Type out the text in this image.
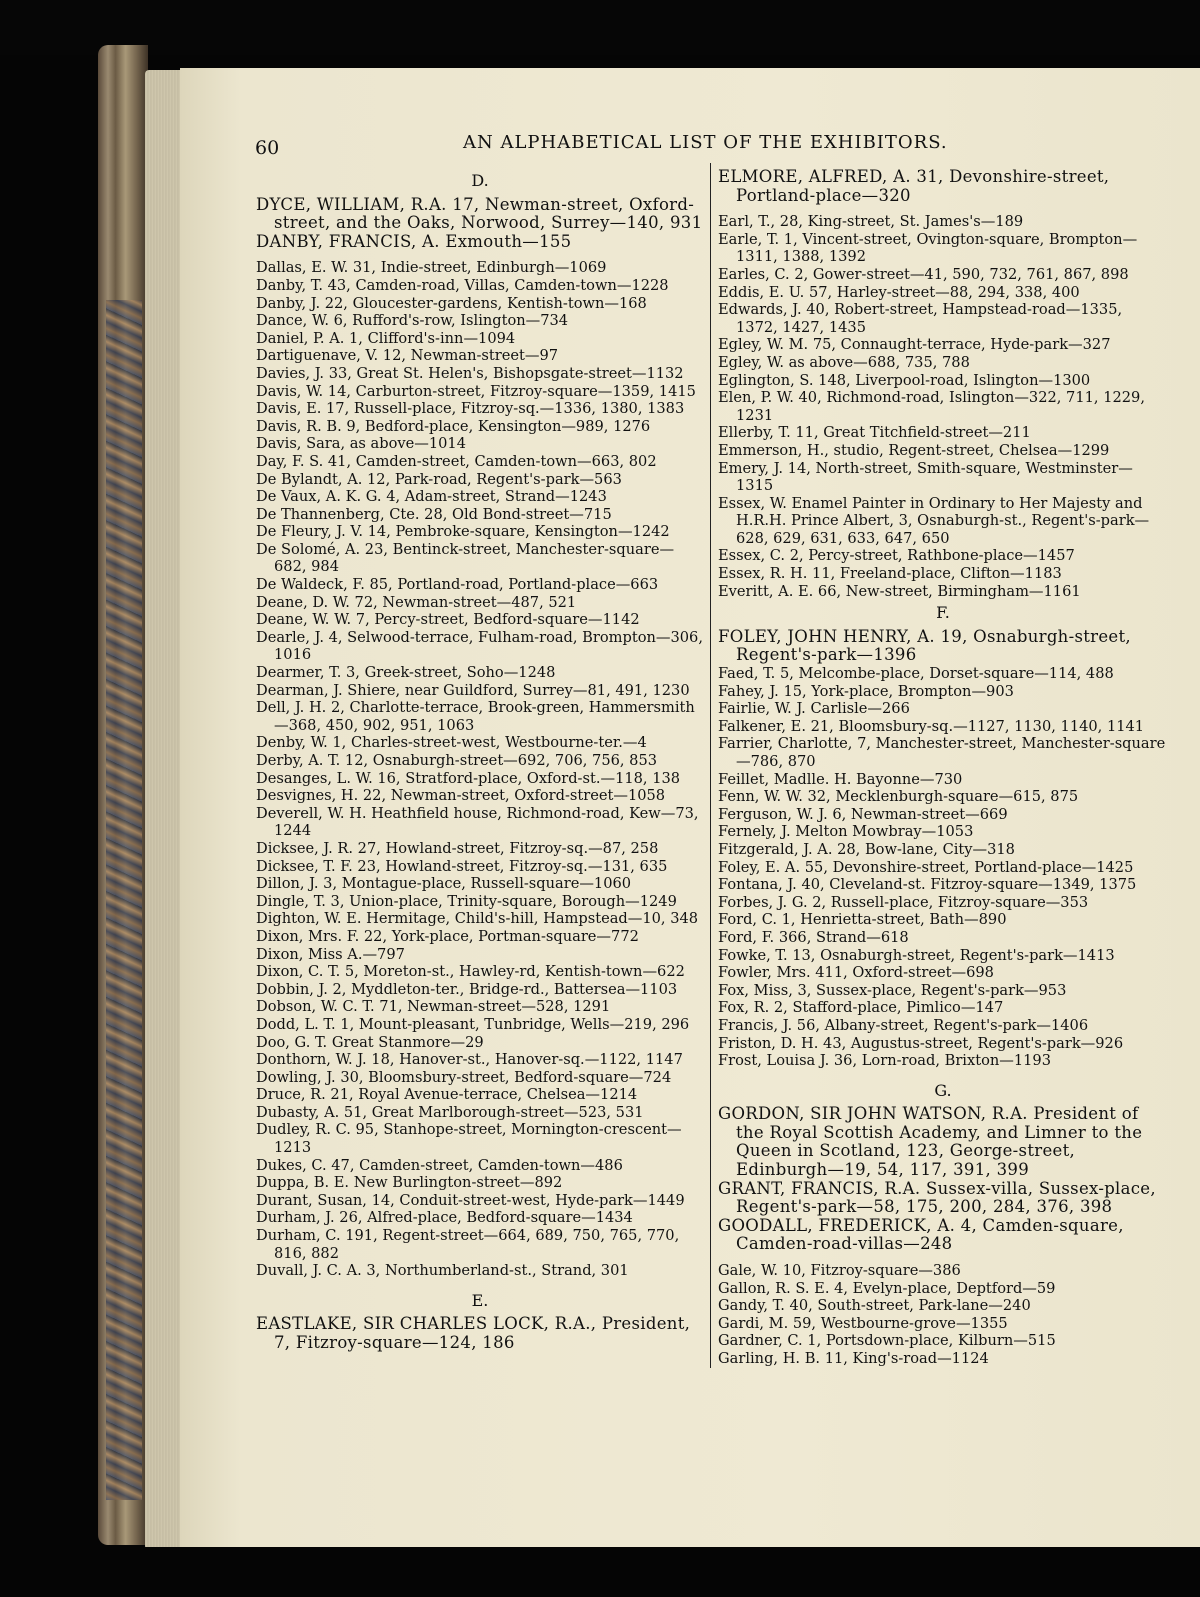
60	AN ALPHABETICAL LIST OF THE EXHIBITORS.
D.

DYCE, WILLIAM, R.A. 17, Newman-street, Oxford-street, and the Oaks, Norwood, Surrey—140, 931

DANBY, FRANCIS, A. Exmouth—155

Dallas, E. W. 31, Indie-street, Edinburgh—1069

Danby, T. 43, Camden-road, Villas, Camden-town—1228

Danby, J. 22, Gloucester-gardens, Kentish-town—168

Dance, W. 6, Rufford's-row, Islington—734

Daniel, P. A. 1, Clifford's-inn—1094

Dartiguenave, V. 12, Newman-street—97

Davies, J. 33, Great St. Helen's, Bishopsgate-street—1132

Davis, W. 14, Carburton-street, Fitzroy-square—1359, 1415

Davis, E. 17, Russell-place, Fitzroy-sq.—1336, 1380, 1383

Davis, R. B. 9, Bedford-place, Kensington—989, 1276

Davis, Sara, as above—1014

Day, F. S. 41, Camden-street, Camden-town—663, 802

De Bylandt, A. 12, Park-road, Regent's-park—563

De Vaux, A. K. G. 4, Adam-street, Strand—1243

De Thannenberg, Cte. 28, Old Bond-street—715

De Fleury, J. V. 14, Pembroke-square, Kensington—1242

De Solomé, A. 23, Bentinck-street, Manchester-square—682, 984

De Waldeck, F. 85, Portland-road, Portland-place—663

Deane, D. W. 72, Newman-street—487, 521

Deane, W. W. 7, Percy-street, Bedford-square—1142

Dearle, J. 4, Selwood-terrace, Fulham-road, Brompton—306, 1016

Dearmer, T. 3, Greek-street, Soho—1248

Dearman, J. Shiere, near Guildford, Surrey—81, 491, 1230

Dell, J. H. 2, Charlotte-terrace, Brook-green, Hammersmith—368, 450, 902, 951, 1063

Denby, W. 1, Charles-street-west, Westbourne-ter.—4

Derby, A. T. 12, Osnaburgh-street—692, 706, 756, 853

Desanges, L. W. 16, Stratford-place, Oxford-st.—118, 138

Desvignes, H. 22, Newman-street, Oxford-street—1058

Deverell, W. H. Heathfield house, Richmond-road, Kew—73, 1244

Dicksee, J. R. 27, Howland-street, Fitzroy-sq.—87, 258

Dicksee, T. F. 23, Howland-street, Fitzroy-sq.—131, 635

Dillon, J. 3, Montague-place, Russell-square—1060

Dingle, T. 3, Union-place, Trinity-square, Borough—1249

Dighton, W. E. Hermitage, Child's-hill, Hampstead—10, 348

Dixon, Mrs. F. 22, York-place, Portman-square—772

Dixon, Miss A.—797

Dixon, C. T. 5, Moreton-st., Hawley-rd, Kentish-town—622

Dobbin, J. 2, Myddleton-ter., Bridge-rd., Battersea—1103

Dobson, W. C. T. 71, Newman-street—528, 1291

Dodd, L. T. 1, Mount-pleasant, Tunbridge, Wells—219, 296

Doo, G. T. Great Stanmore—29

Donthorn, W. J. 18, Hanover-st., Hanover-sq.—1122, 1147

Dowling, J. 30, Bloomsbury-street, Bedford-square—724

Druce, R. 21, Royal Avenue-terrace, Chelsea—1214

Dubasty, A. 51, Great Marlborough-street—523, 531

Dudley, R. C. 95, Stanhope-street, Mornington-crescent—1213

Dukes, C. 47, Camden-street, Camden-town—486

Duppa, B. E. New Burlington-street—892

Durant, Susan, 14, Conduit-street-west, Hyde-park—1449

Durham, J. 26, Alfred-place, Bedford-square—1434

Durham, C. 191, Regent-street—664, 689, 750, 765, 770, 816, 882

Duvall, J. C. A. 3, Northumberland-st., Strand, 301

E.

EASTLAKE, SIR CHARLES LOCK, R.A., President, 7, Fitzroy-square—124, 186

ELMORE, ALFRED, A. 31, Devonshire-street, Portland-place—320

Earl, T., 28, King-street, St. James's—189

Earle, T. 1, Vincent-street, Ovington-square, Brompton—1311, 1388, 1392

Earles, C. 2, Gower-street—41, 590, 732, 761, 867, 898

Eddis, E. U. 57, Harley-street—88, 294, 338, 400

Edwards, J. 40, Robert-street, Hampstead-road—1335, 1372, 1427, 1435

Egley, W. M. 75, Connaught-terrace, Hyde-park—327

Egley, W. as above—688, 735, 788

Eglington, S. 148, Liverpool-road, Islington—1300

Elen, P. W. 40, Richmond-road, Islington—322, 711, 1229, 1231

Ellerby, T. 11, Great Titchfield-street—211

Emmerson, H., studio, Regent-street, Chelsea—1299

Emery, J. 14, North-street, Smith-square, Westminster—1315

Essex, W. Enamel Painter in Ordinary to Her Majesty and H.R.H. Prince Albert, 3, Osnaburgh-st., Regent's-park—628, 629, 631, 633, 647, 650

Essex, C. 2, Percy-street, Rathbone-place—1457

Essex, R. H. 11, Freeland-place, Clifton—1183

Everitt, A. E. 66, New-street, Birmingham—1161

F.

FOLEY, JOHN HENRY, A. 19, Osnaburgh-street, Regent's-park—1396

Faed, T. 5, Melcombe-place, Dorset-square—114, 488

Fahey, J. 15, York-place, Brompton—903

Fairlie, W. J. Carlisle—266

Falkener, E. 21, Bloomsbury-sq.—1127, 1130, 1140, 1141

Farrier, Charlotte, 7, Manchester-street, Manchester-square—786, 870

Feillet, Madlle. H. Bayonne—730

Fenn, W. W. 32, Mecklenburgh-square—615, 875

Ferguson, W. J. 6, Newman-street—669

Fernely, J. Melton Mowbray—1053

Fitzgerald, J. A. 28, Bow-lane, City—318

Foley, E. A. 55, Devonshire-street, Portland-place—1425

Fontana, J. 40, Cleveland-st. Fitzroy-square—1349, 1375

Forbes, J. G. 2, Russell-place, Fitzroy-square—353

Ford, C. 1, Henrietta-street, Bath—890

Ford, F. 366, Strand—618

Fowke, T. 13, Osnaburgh-street, Regent's-park—1413

Fowler, Mrs. 411, Oxford-street—698

Fox, Miss, 3, Sussex-place, Regent's-park—953

Fox, R. 2, Stafford-place, Pimlico—147

Francis, J. 56, Albany-street, Regent's-park—1406

Friston, D. H. 43, Augustus-street, Regent's-park—926

Frost, Louisa J. 36, Lorn-road, Brixton—1193

G.

GORDON, SIR JOHN WATSON, R.A. President of the Royal Scottish Academy, and Limner to the Queen in Scotland, 123, George-street, Edinburgh—19, 54, 117, 391, 399

GRANT, FRANCIS, R.A. Sussex-villa, Sussex-place, Regent's-park—58, 175, 200, 284, 376, 398

GOODALL, FREDERICK, A. 4, Camden-square, Camden-road-villas—248

Gale, W. 10, Fitzroy-square—386

Gallon, R. S. E. 4, Evelyn-place, Deptford—59

Gandy, T. 40, South-street, Park-lane—240

Gardi, M. 59, Westbourne-grove—1355

Gardner, C. 1, Portsdown-place, Kilburn—515

Garling, H. B. 11, King's-road—1124
